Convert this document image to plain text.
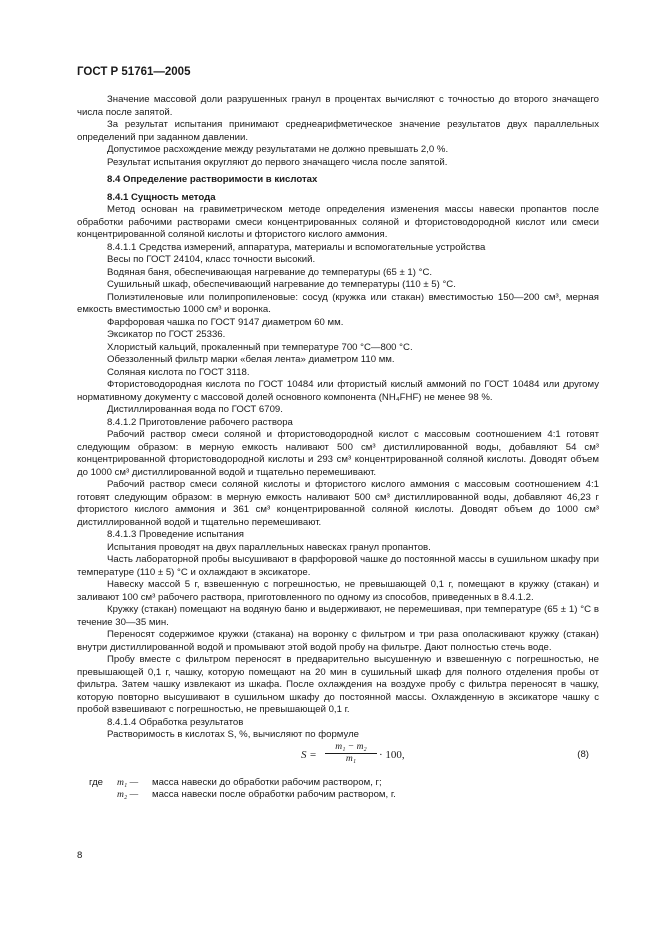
ГОСТ Р 51761—2005

Значение массовой доли разрушенных гранул в процентах вычисляют с точностью до второго значащего числа после запятой.

За результат испытания принимают среднеарифметическое значение результатов двух параллельных определений при заданном давлении.

Допустимое расхождение между результатами не должно превышать 2,0 %.

Результат испытания округляют до первого значащего числа после запятой.

8.4 Определение растворимости в кислотах

8.4.1 Сущность метода

Метод основан на гравиметрическом методе определения изменения массы навески пропантов после обработки рабочими растворами смеси концентрированных соляной и фтористоводородной кислот или смеси концентрированной соляной кислоты и фтористого кислого аммония.

8.4.1.1 Средства измерений, аппаратура, материалы и вспомогательные устройства

Весы по ГОСТ 24104, класс точности высокий.

Водяная баня, обеспечивающая нагревание до температуры (65 ± 1) °С.

Сушильный шкаф, обеспечивающий нагревание до температуры (110 ± 5) °С.

Полиэтиленовые или полипропиленовые: сосуд (кружка или стакан) вместимостью 150—200 см³, мерная емкость вместимостью 1000 см³ и воронка.

Фарфоровая чашка по ГОСТ 9147 диаметром 60 мм.

Эксикатор по ГОСТ 25336.

Хлористый кальций, прокаленный при температуре 700 °С—800 °С.

Обеззоленный фильтр марки «белая лента» диаметром 110 мм.

Соляная кислота по ГОСТ 3118.

Фтористоводородная кислота по ГОСТ 10484 или фтористый кислый аммоний по ГОСТ 10484 или другому нормативному документу с массовой долей основного компонента (NH₄FHF) не менее 98 %.

Дистиллированная вода по ГОСТ 6709.

8.4.1.2 Приготовление рабочего раствора

Рабочий раствор смеси соляной и фтористоводородной кислот с массовым соотношением 4:1 готовят следующим образом: в мерную емкость наливают 500 см³ дистиллированной воды, добавляют 54 см³ концентрированной фтористоводородной кислоты и 293 см³ концентрированной соляной кислоты. Доводят объем до 1000 см³ дистиллированной водой и тщательно перемешивают.

Рабочий раствор смеси соляной кислоты и фтористого кислого аммония с массовым соотношением 4:1 готовят следующим образом: в мерную емкость наливают 500 см³ дистиллированной воды, добавляют 46,23 г фтористого кислого аммония и 361 см³ концентрированной соляной кислоты. Доводят объем до 1000 см³ дистиллированной водой и тщательно перемешивают.

8.4.1.3 Проведение испытания

Испытания проводят на двух параллельных навесках гранул пропантов.

Часть лабораторной пробы высушивают в фарфоровой чашке до постоянной массы в сушильном шкафу при температуре (110 ± 5) °С и охлаждают в эксикаторе.

Навеску массой 5 г, взвешенную с погрешностью, не превышающей 0,1 г, помещают в кружку (стакан) и заливают 100 см³ рабочего раствора, приготовленного по одному из способов, приведенных в 8.4.1.2.

Кружку (стакан) помещают на водяную баню и выдерживают, не перемешивая, при температуре (65 ± 1) °С в течение 30—35 мин.

Переносят содержимое кружки (стакана) на воронку с фильтром и три раза ополаскивают кружку (стакан) внутри дистиллированной водой и промывают этой водой пробу на фильтре. Дают полностью стечь воде.

Пробу вместе с фильтром переносят в предварительно высушенную и взвешенную с погрешностью, не превышающей 0,1 г, чашку, которую помещают на 20 мин в сушильный шкаф для полного отделения пробы от фильтра. Затем чашку извлекают из шкафа. После охлаждения на воздухе пробу с фильтра переносят в чашку, которую повторно высушивают в сушильном шкафу до постоянной массы. Охлажденную в эксикаторе чашку с пробой взвешивают с погрешностью, не превышающей 0,1 г.

8.4.1.4 Обработка результатов

Растворимость в кислотах S, %, вычисляют по формуле

$S = \frac{\text{m₁ − m₂}}{\text{m₁}} \cdot 100$,	(8)
где	m₁ —	масса навески до обработки рабочим раствором, г;
m₂ —	масса навески после обработки рабочим раствором, г.

8
